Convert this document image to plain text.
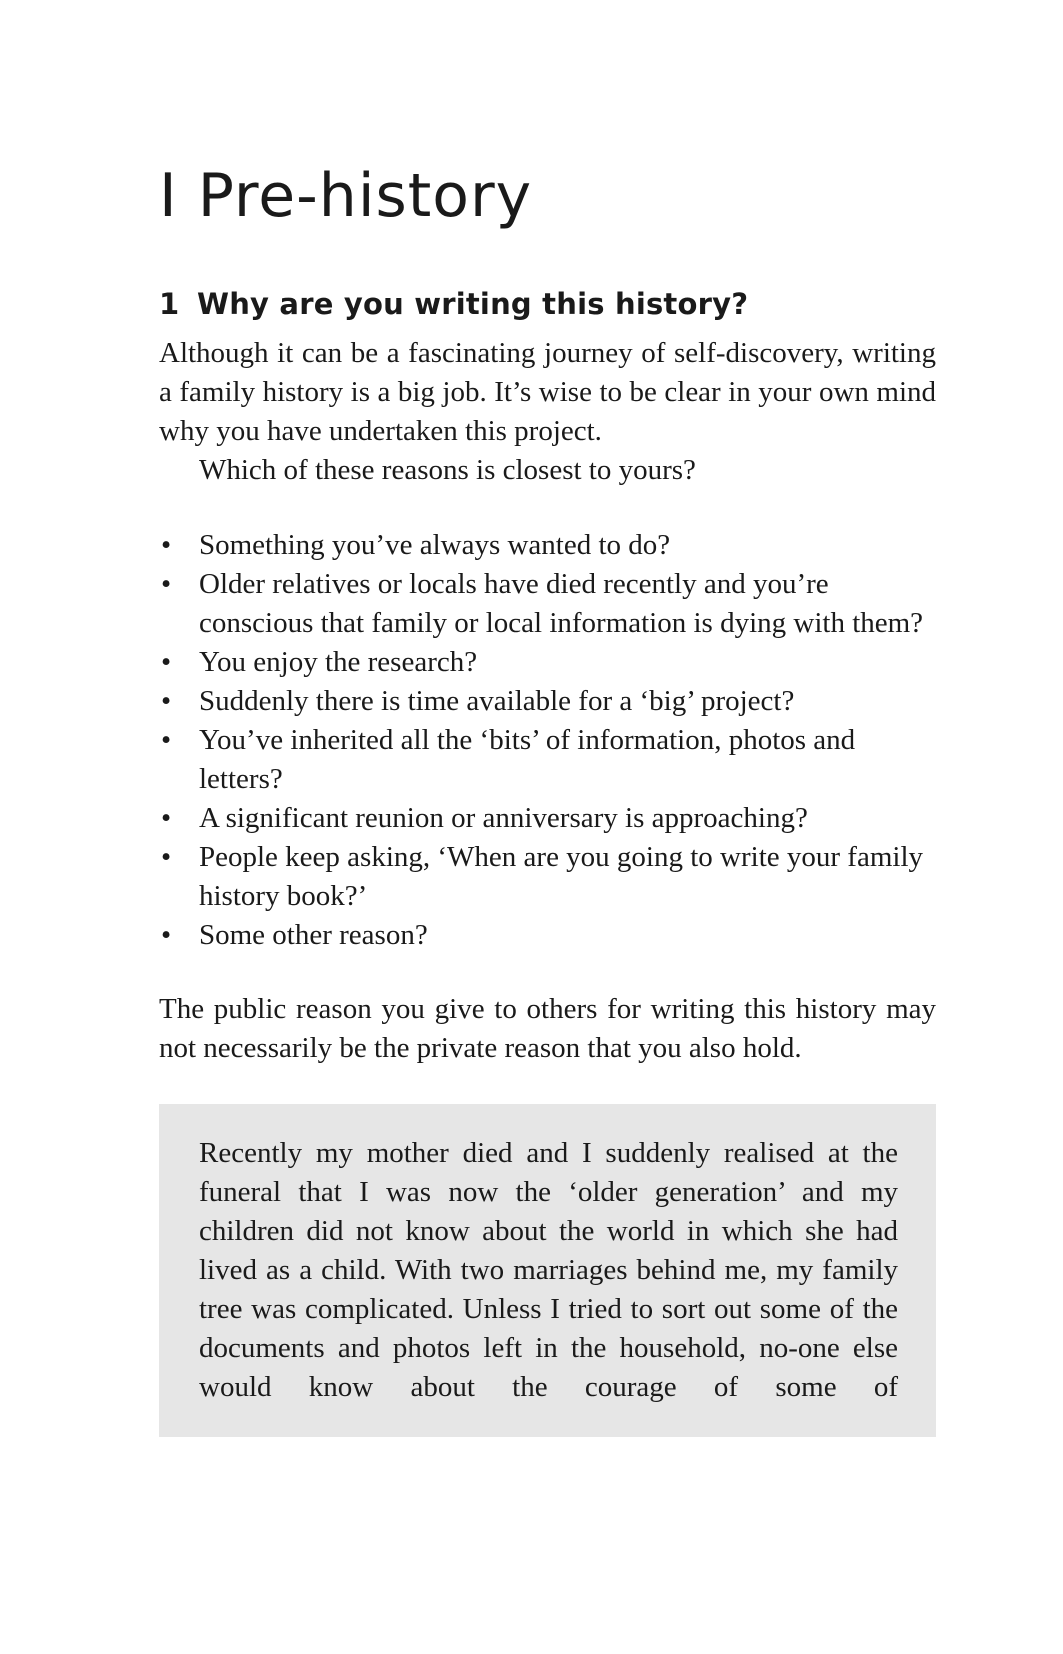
I Pre-history
1 Why are you writing this history?

Although it can be a fascinating journey of self-discovery, writing a family history is a big job. It’s wise to be clear in your own mind why you have undertaken this project.

Which of these reasons is closest to yours?

• Something you’ve always wanted to do?
• Older relatives or locals have died recently and you’re conscious that family or local information is dying with them?
• You enjoy the research?
• Suddenly there is time available for a ‘big’ project?
• You’ve inherited all the ‘bits’ of information, photos and letters?
• A significant reunion or anniversary is approaching?
• People keep asking, ‘When are you going to write your family history book?’
• Some other reason?

The public reason you give to others for writing this history may not necessarily be the private reason that you also hold.

Recently my mother died and I suddenly realised at the funeral that I was now the ‘older generation’ and my children did not know about the world in which she had lived as a child. With two marriages behind me, my family tree was complicated. Unless I tried to sort out some of the documents and photos left in the household, no-one else would know about the courage of some of
